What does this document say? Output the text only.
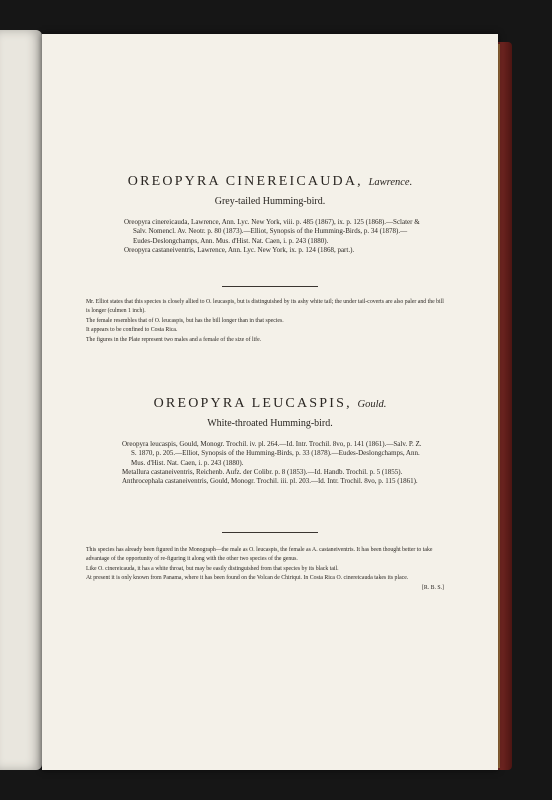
OREOPYRA CINEREICAUDA, Lawrence.
Grey-tailed Humming-bird.

Oreopyra cinereicauda, Lawrence, Ann. Lyc. New York, viii. p. 485 (1867), ix. p. 125 (1868).—Sclater & Salv. Nomencl. Av. Neotr. p. 80 (1873).—Elliot, Synopsis of the Humming-Birds, p. 34 (1878).—Eudes-Deslongchamps, Ann. Mus. d'Hist. Nat. Caen, i. p. 243 (1880).

Oreopyra castaneiventris, Lawrence, Ann. Lyc. New York, ix. p. 124 (1868, part.).

Mr. Elliot states that this species is closely allied to O. leucaspis, but is distinguished by its ashy white tail; the under tail-coverts are also paler and the bill is longer (culmen 1 inch).

The female resembles that of O. leucaspis, but has the bill longer than in that species.

It appears to be confined to Costa Rica.

The figures in the Plate represent two males and a female of the size of life.

OREOPYRA LEUCASPIS, Gould.
White-throated Humming-bird.

Oreopyra leucaspis, Gould, Monogr. Trochil. iv. pl. 264.—Id. Intr. Trochil. 8vo, p. 141 (1861).—Salv. P. Z. S. 1870, p. 205.—Elliot, Synopsis of the Humming-Birds, p. 33 (1878).—Eudes-Deslongchamps, Ann. Mus. d'Hist. Nat. Caen, i. p. 243 (1880).

Metallura castaneiventris, Reichenb. Aufz. der Colibr. p. 8 (1853).—Id. Handb. Trochil. p. 5 (1855).

Anthrocephala castaneiventris, Gould, Monogr. Trochil. iii. pl. 203.—Id. Intr. Trochil. 8vo, p. 115 (1861).

This species has already been figured in the Monograph—the male as O. leucaspis, the female as A. castaneiventris. It has been thought better to take advantage of the opportunity of re-figuring it along with the other two species of the genus.

Like O. cinereicauda, it has a white throat, but may be easily distinguished from that species by its black tail.

At present it is only known from Panama, where it has been found on the Volcan de Chiriqui. In Costa Rica O. cinereicauda takes its place.

[R. B. S.]
